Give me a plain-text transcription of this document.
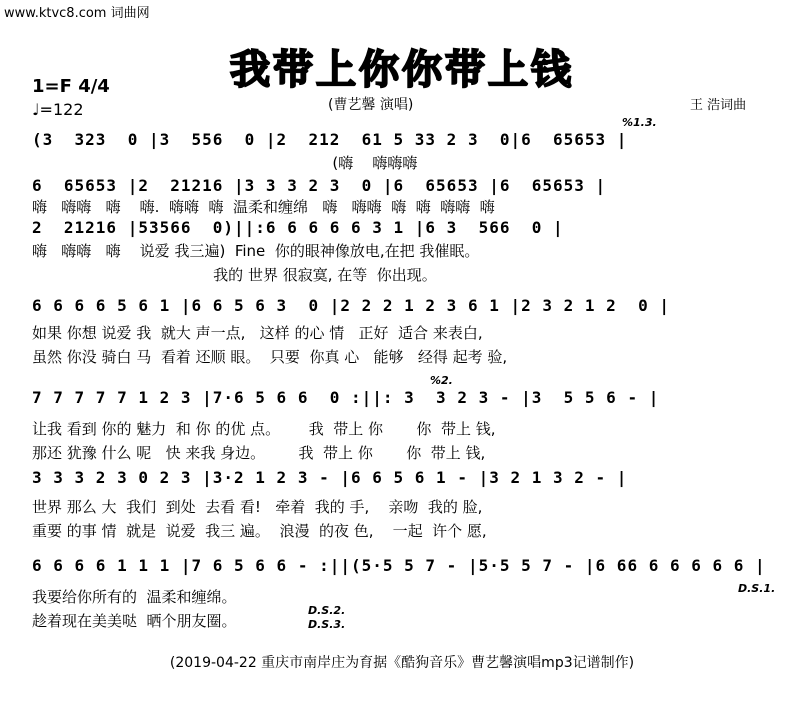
www.ktvc8.com 词曲网
我带上你你带上钱
1=F 4/4
♩=122	(曹艺馨 演唱)	王 浩词曲
%1.3.
(3  323  0 |3  556  0 |2  212  61 5 33 2 3  0|6  65653 |
(嗨    嗨嗨嗨
6  65653 |2  21216 |3 3 3 2 3  0 |6  65653 |6  65653 |
嗨   嗨嗨   嗨    嗨.  嗨嗨  嗨  温柔和缠绵   嗨   嗨嗨  嗨  嗨  嗨嗨  嗨
2  21216 |53566  0)||:6 6 6 6 6 3 1 |6 3  566  0 |
嗨   嗨嗨   嗨    说爱 我三遍)  Fine  你的眼神像放电,在把 我催眠。
我的 世界 很寂寞, 在等  你出现。
6 6 6 6 5 6 1 |6 6 5 6 3  0 |2 2 2 1 2 3 6 1 |2 3 2 1 2  0 |
如果 你想 说爱 我  就大 声一点,   这样 的心 情   正好  适合 来表白,
虽然 你没 骑白 马  看着 还顺 眼。  只要  你真 心   能够   经得 起考 验,
%2.
7 7 7 7 7 1 2 3 |7·6 5 6 6  0 :||: 3  3 2 3 - |3  5 5 6 - |
让我 看到 你的 魅力  和 你 的优 点。      我  带上 你       你  带上 钱,
那还 犹豫 什么 呢   快 来我 身边。       我  带上 你       你  带上 钱,
3 3 3 2 3 0 2 3 |3·2 1 2 3 - |6 6 5 6 1 - |3 2 1 3 2 - |
世界 那么 大  我们  到处  去看 看!   牵着  我的 手,    亲吻  我的 脸,
重要 的事 情  就是  说爱  我三 遍。  浪漫  的夜 色,    一起  许个 愿,
6 6 6 6 1 1 1 |7 6 5 6 6 - :||(5·5 5 7 - |5·5 5 7 - |6 66 6 6 6 6 6 |
我要给你所有的  温柔和缠绵。
趁着现在美美哒  晒个朋友圈。
D.S.2.
D.S.3.
D.S.1.
(2019-04-22 重庆市南岸庄为育据《酷狗音乐》曹艺馨演唱mp3记谱制作)
